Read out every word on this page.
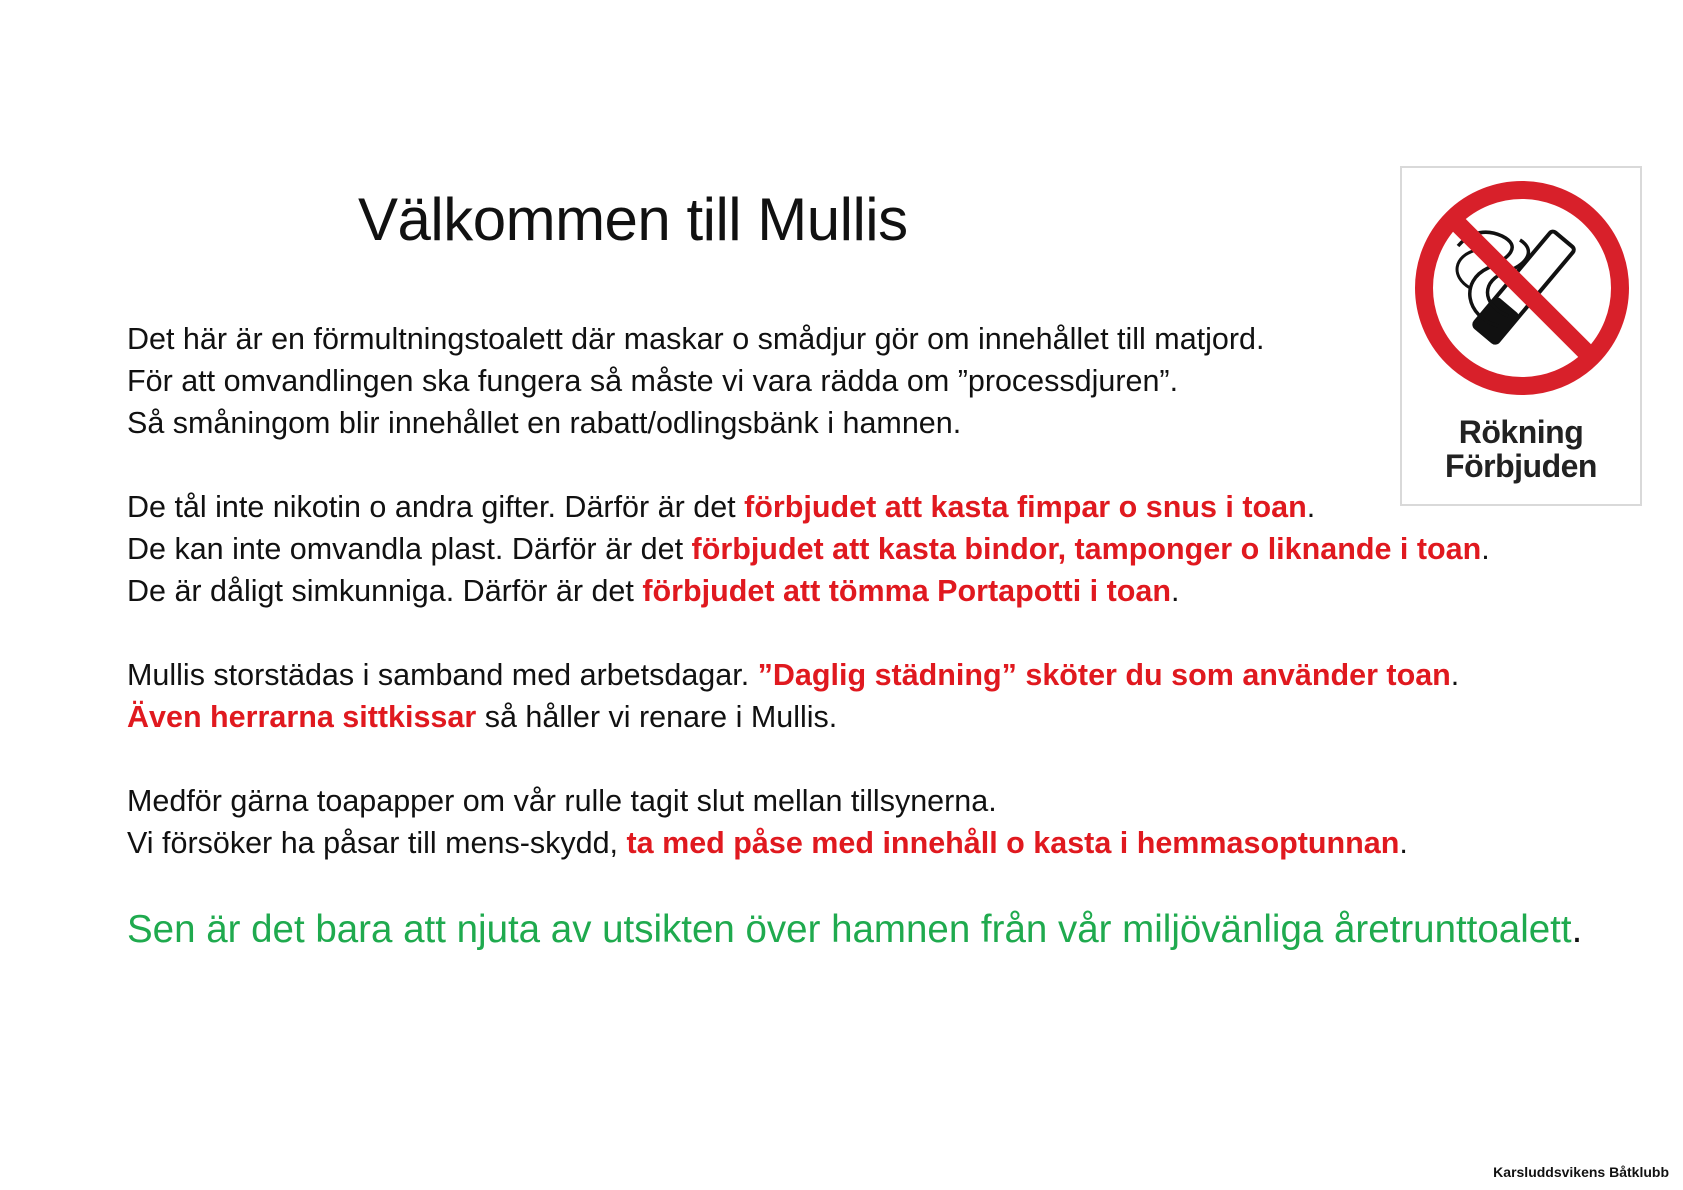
Välkommen till Mullis
Det här är en förmultningstoalett där maskar o smådjur gör om innehållet till matjord.
För att omvandlingen ska fungera så måste vi vara rädda om ”processdjuren”.
Så småningom blir innehållet en rabatt/odlingsbänk i hamnen.
De tål inte nikotin o andra gifter. Därför är det förbjudet att kasta fimpar o snus i toan.
De kan inte omvandla plast. Därför är det förbjudet att kasta bindor, tamponger o liknande i toan.
De är dåligt simkunniga. Därför är det förbjudet att tömma Portapotti i toan.
Mullis storstädas i samband med arbetsdagar. ”Daglig städning” sköter du som använder toan.
Även herrarna sittkissar så håller vi renare i Mullis.
Medför gärna toapapper om vår rulle tagit slut mellan tillsynerna.
Vi försöker ha påsar till mens-skydd, ta med påse med innehåll o kasta i hemmasoptunnan.
Sen är det bara att njuta av utsikten över hamnen från vår miljövänliga åretrunttoalett.
Rökning
Förbjuden
Karsluddsvikens Båtklubb
